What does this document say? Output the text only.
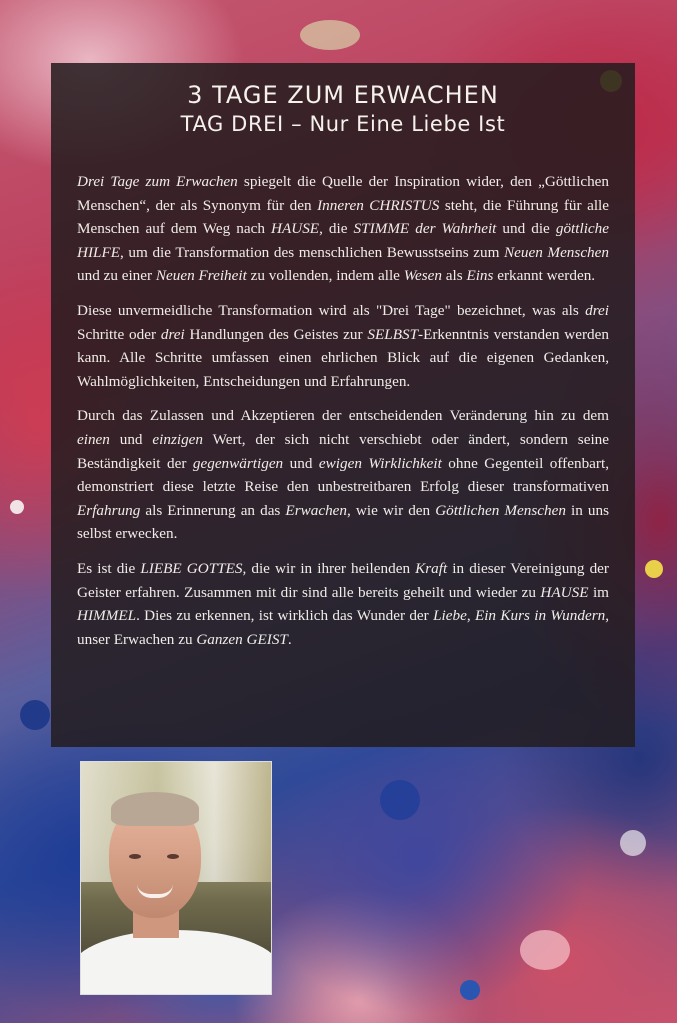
3 TAGE ZUM ERWACHEN
TAG DREI – Nur Eine Liebe Ist

Drei Tage zum Erwachen spiegelt die Quelle der Inspiration wider, den „Göttlichen Menschen“, der als Synonym für den Inneren CHRISTUS steht, die Führung für alle Menschen auf dem Weg nach HAUSE, die STIMME der Wahrheit und die göttliche HILFE, um die Transformation des menschlichen Bewusstseins zum Neuen Menschen und zu einer Neuen Freiheit zu vollenden, indem alle Wesen als Eins erkannt werden.

Diese unvermeidliche Transformation wird als "Drei Tage" bezeichnet, was als drei Schritte oder drei Handlungen des Geistes zur SELBST-Erkenntnis verstanden werden kann. Alle Schritte umfassen einen ehrlichen Blick auf die eigenen Gedanken, Wahlmöglichkeiten, Entscheidungen und Erfahrungen.

Durch das Zulassen und Akzeptieren der entscheidenden Veränderung hin zu dem einen und einzigen Wert, der sich nicht verschiebt oder ändert, sondern seine Beständigkeit der gegenwärtigen und ewigen Wirklichkeit ohne Gegenteil offenbart, demonstriert diese letzte Reise den unbestreitbaren Erfolg dieser transformativen Erfahrung als Erinnerung an das Erwachen, wie wir den Göttlichen Menschen in uns selbst erwecken.

Es ist die LIEBE GOTTES, die wir in ihrer heilenden Kraft in dieser Vereinigung der Geister erfahren. Zusammen mit dir sind alle bereits geheilt und wieder zu HAUSE im HIMMEL. Dies zu erkennen, ist wirklich das Wunder der Liebe, Ein Kurs in Wundern, unser Erwachen zu Ganzen GEIST.
